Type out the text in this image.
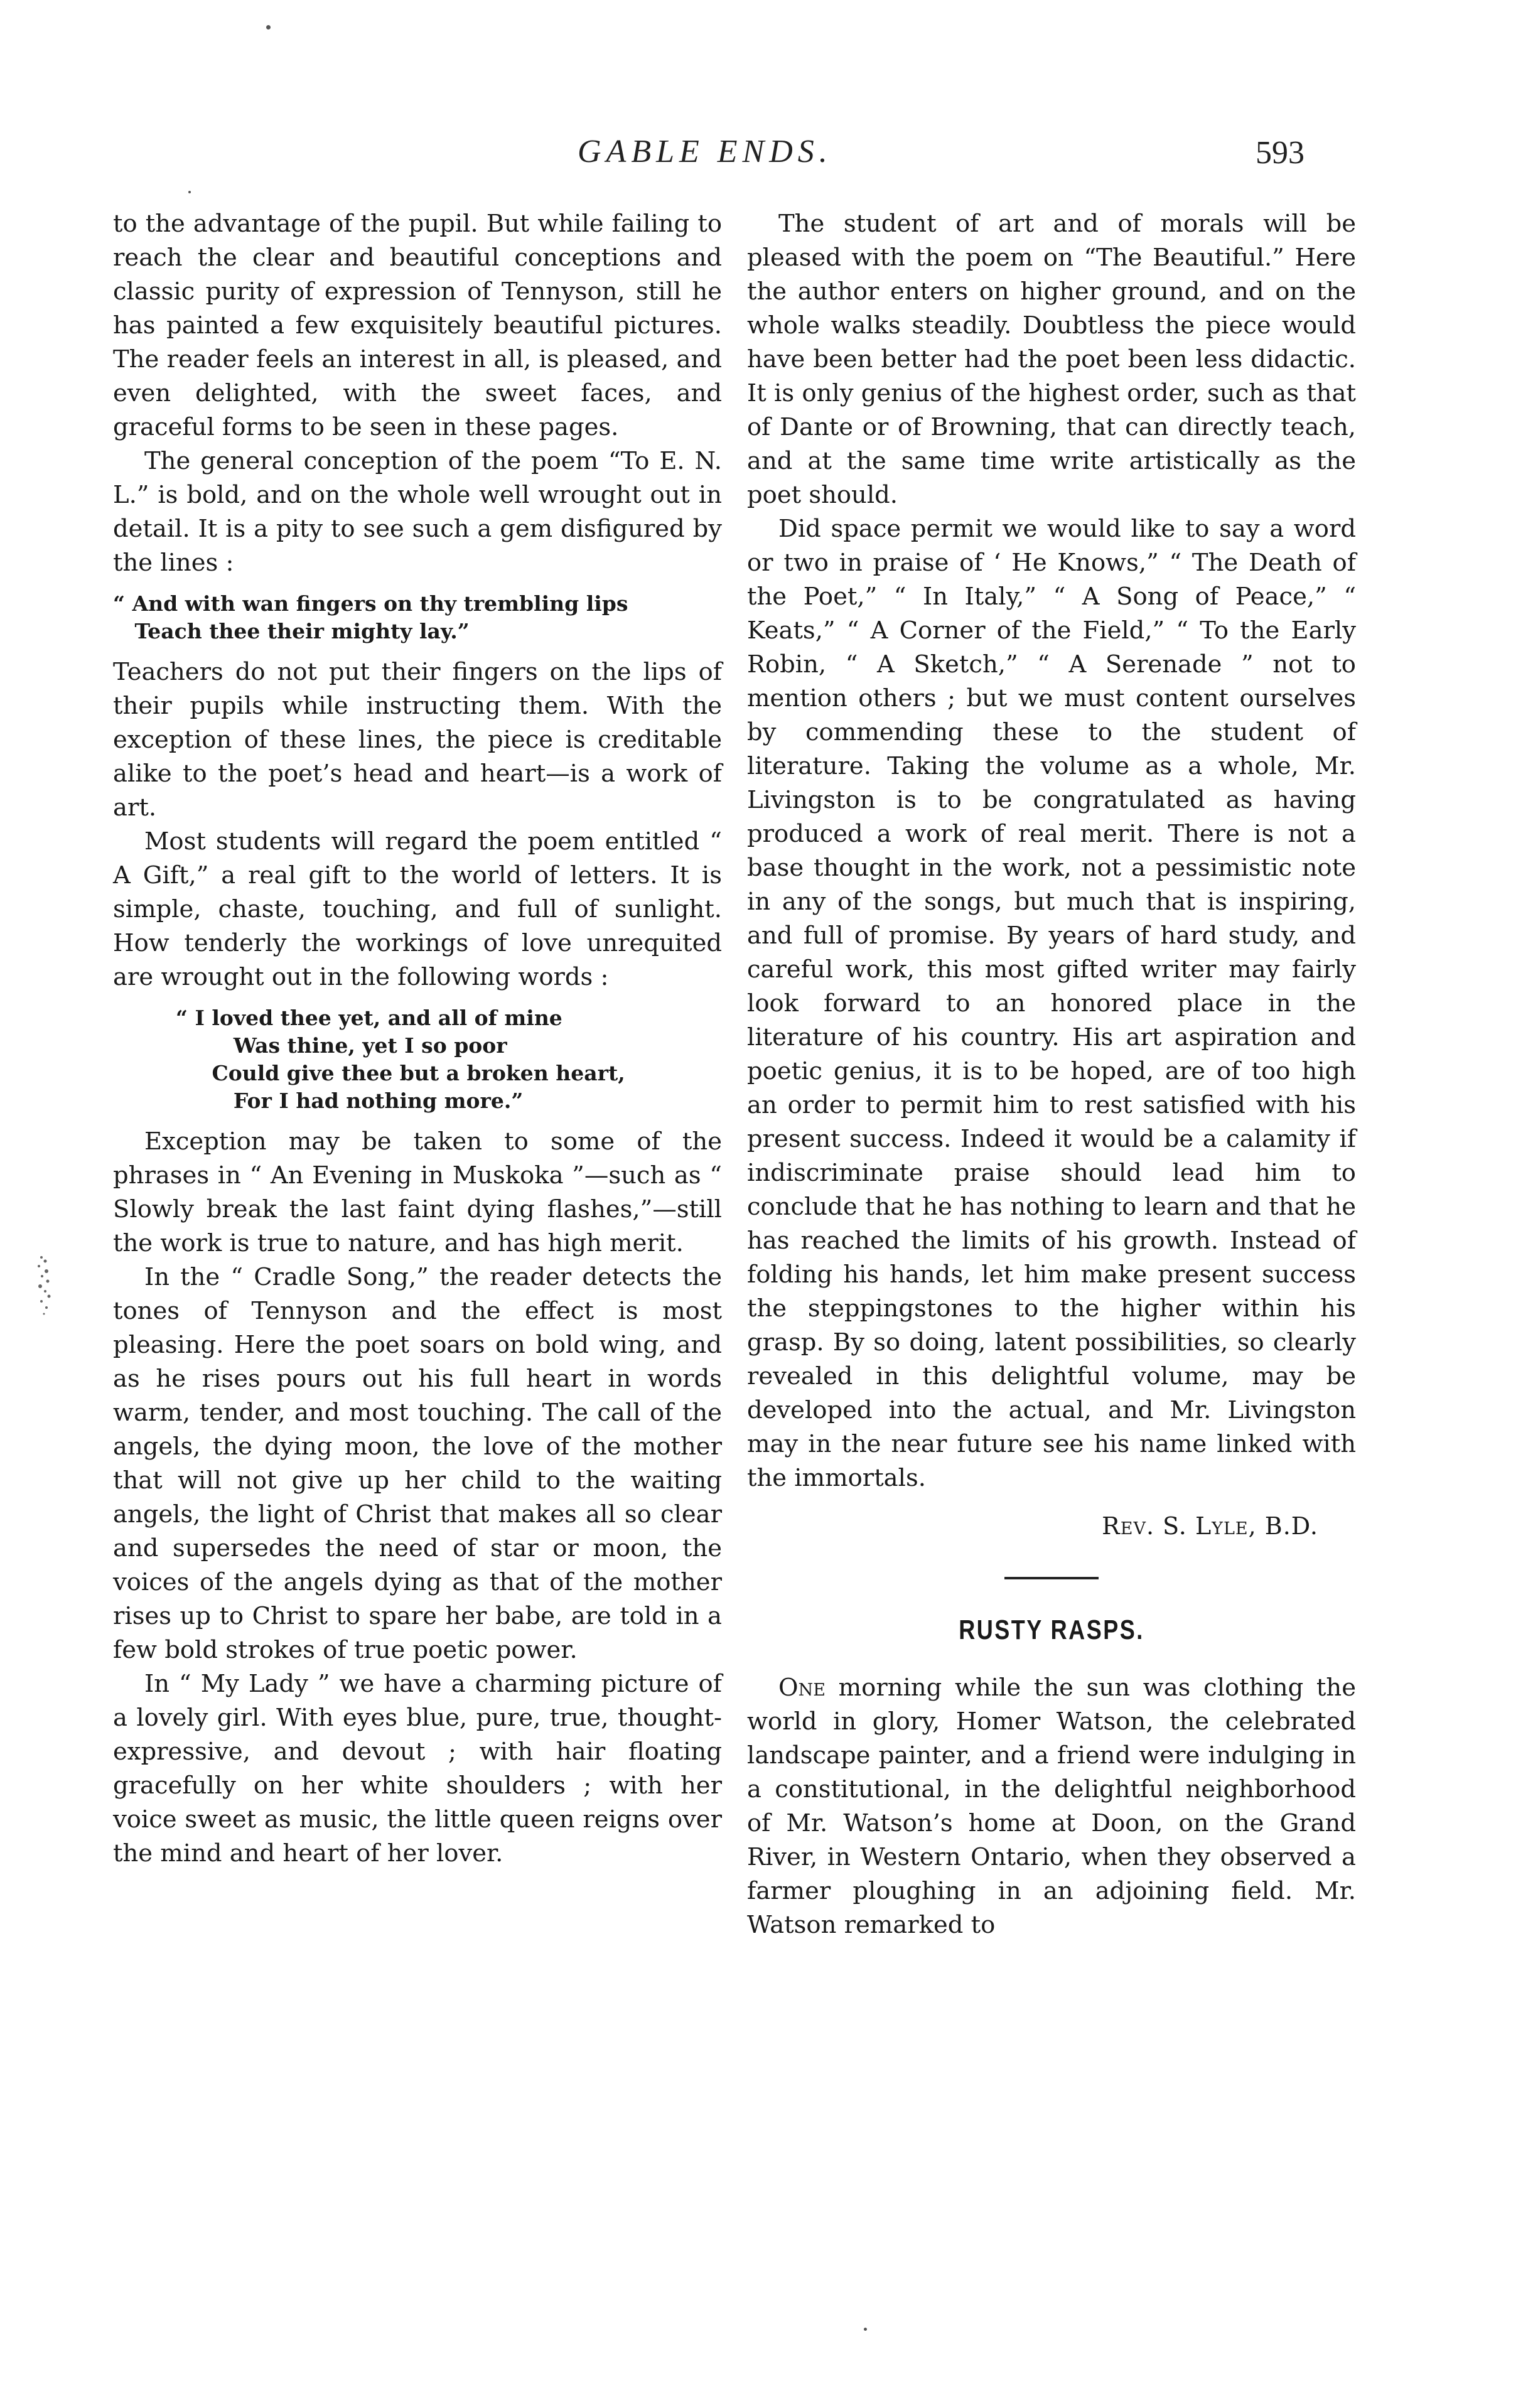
GABLE ENDS.	593

to the advantage of the pupil. But while failing to reach the clear and beautiful conceptions and classic purity of expression of Tennyson, still he has painted a few exquisitely beautiful pictures. The reader feels an interest in all, is pleased, and even delighted, with the sweet faces, and graceful forms to be seen in these pages.

The general conception of the poem “To E. N. L.” is bold, and on the whole well wrought out in detail. It is a pity to see such a gem disfigured by the lines :

“ And with wan fingers on thy trembling lips
Teach thee their mighty lay.”

Teachers do not put their fingers on the lips of their pupils while instructing them. With the exception of these lines, the piece is creditable alike to the poet’s head and heart—is a work of art.

Most students will regard the poem entitled “ A Gift,” a real gift to the world of letters. It is simple, chaste, touching, and full of sunlight. How tenderly the workings of love unrequited are wrought out in the following words :

“ I loved thee yet, and all of mine
Was thine, yet I so poor
Could give thee but a broken heart,
For I had nothing more.”

Exception may be taken to some of the phrases in “ An Evening in Muskoka ”—such as “ Slowly break the last faint dying flashes,”—still the work is true to nature, and has high merit.

In the “ Cradle Song,” the reader detects the tones of Tennyson and the effect is most pleasing. Here the poet soars on bold wing, and as he rises pours out his full heart in words warm, tender, and most touching. The call of the angels, the dying moon, the love of the mother that will not give up her child to the waiting angels, the light of Christ that makes all so clear and supersedes the need of star or moon, the voices of the angels dying as that of the mother rises up to Christ to spare her babe, are told in a few bold strokes of true poetic power.

In “ My Lady ” we have a charming picture of a lovely girl. With eyes blue, pure, true, thought-expressive, and devout ; with hair floating gracefully on her white shoulders ; with her voice sweet as music, the little queen reigns over the mind and heart of her lover.

The student of art and of morals will be pleased with the poem on “The Beautiful.” Here the author enters on higher ground, and on the whole walks steadily. Doubtless the piece would have been better had the poet been less didactic. It is only genius of the highest order, such as that of Dante or of Browning, that can directly teach, and at the same time write artistically as the poet should.

Did space permit we would like to say a word or two in praise of ‘ He Knows,” “ The Death of the Poet,” “ In Italy,” “ A Song of Peace,” “ Keats,” “ A Corner of the Field,” “ To the Early Robin, “ A Sketch,” “ A Serenade ” not to mention others ; but we must content ourselves by commending these to the student of literature. Taking the volume as a whole, Mr. Livingston is to be congratulated as having produced a work of real merit. There is not a base thought in the work, not a pessimistic note in any of the songs, but much that is inspiring, and full of promise. By years of hard study, and careful work, this most gifted writer may fairly look forward to an honored place in the literature of his country. His art aspiration and poetic genius, it is to be hoped, are of too high an order to permit him to rest satisfied with his present success. Indeed it would be a calamity if indiscriminate praise should lead him to conclude that he has nothing to learn and that he has reached the limits of his growth. Instead of folding his hands, let him make present success the steppingstones to the higher within his grasp. By so doing, latent possibilities, so clearly revealed in this delightful volume, may be developed into the actual, and Mr. Livingston may in the near future see his name linked with the immortals.

Rev. S. Lyle, B.D.
RUSTY RASPS.

One morning while the sun was clothing the world in glory, Homer Watson, the celebrated landscape painter, and a friend were indulging in a constitutional, in the delightful neighborhood of Mr. Watson’s home at Doon, on the Grand River, in Western Ontario, when they observed a farmer ploughing in an adjoining field. Mr. Watson remarked to
